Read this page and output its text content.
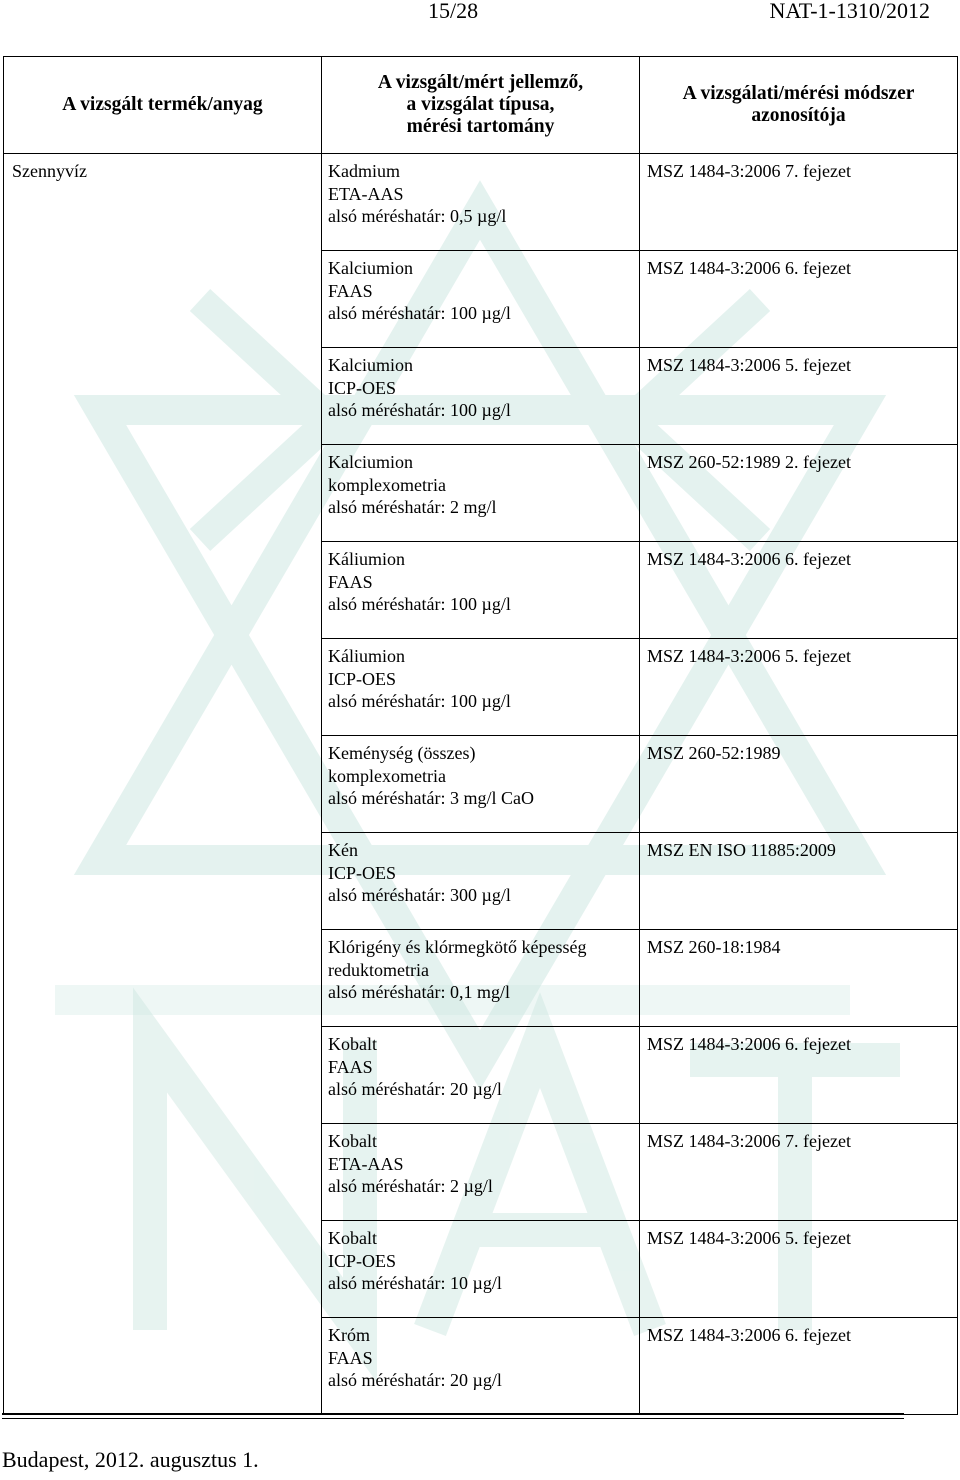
15/28	NAT-1-1310/2012
A vizsgált termék/anyag	A vizsgált/mért jellemző,
a vizsgálat típusa,
mérési tartomány	A vizsgálati/mérési módszer
azonosítója

Szennyvíz	Kadmium
ETA-AAS
alsó méréshatár: 0,5 µg/l	MSZ 1484-3:2006 7. fejezet

	Kalciumion
FAAS
alsó méréshatár: 100 µg/l	MSZ 1484-3:2006 6. fejezet

	Kalciumion
ICP-OES
alsó méréshatár: 100 µg/l	MSZ 1484-3:2006 5. fejezet

	Kalciumion
komplexometria
alsó méréshatár: 2 mg/l	MSZ 260-52:1989 2. fejezet

	Káliumion
FAAS
alsó méréshatár: 100 µg/l	MSZ 1484-3:2006 6. fejezet

	Káliumion
ICP-OES
alsó méréshatár: 100 µg/l	MSZ 1484-3:2006 5. fejezet

	Keménység (összes)
komplexometria
alsó méréshatár: 3 mg/l CaO	MSZ 260-52:1989

	Kén
ICP-OES
alsó méréshatár: 300 µg/l	MSZ EN ISO 11885:2009

	Klórigény és klórmegkötő képesség
reduktometria
alsó méréshatár: 0,1 mg/l	MSZ 260-18:1984

	Kobalt
FAAS
alsó méréshatár: 20 µg/l	MSZ 1484-3:2006 6. fejezet

	Kobalt
ETA-AAS
alsó méréshatár: 2 µg/l	MSZ 1484-3:2006 7. fejezet

	Kobalt
ICP-OES
alsó méréshatár: 10 µg/l	MSZ 1484-3:2006 5. fejezet

	Króm
FAAS
alsó méréshatár: 20 µg/l	MSZ 1484-3:2006 6. fejezet
Budapest, 2012. augusztus 1.
